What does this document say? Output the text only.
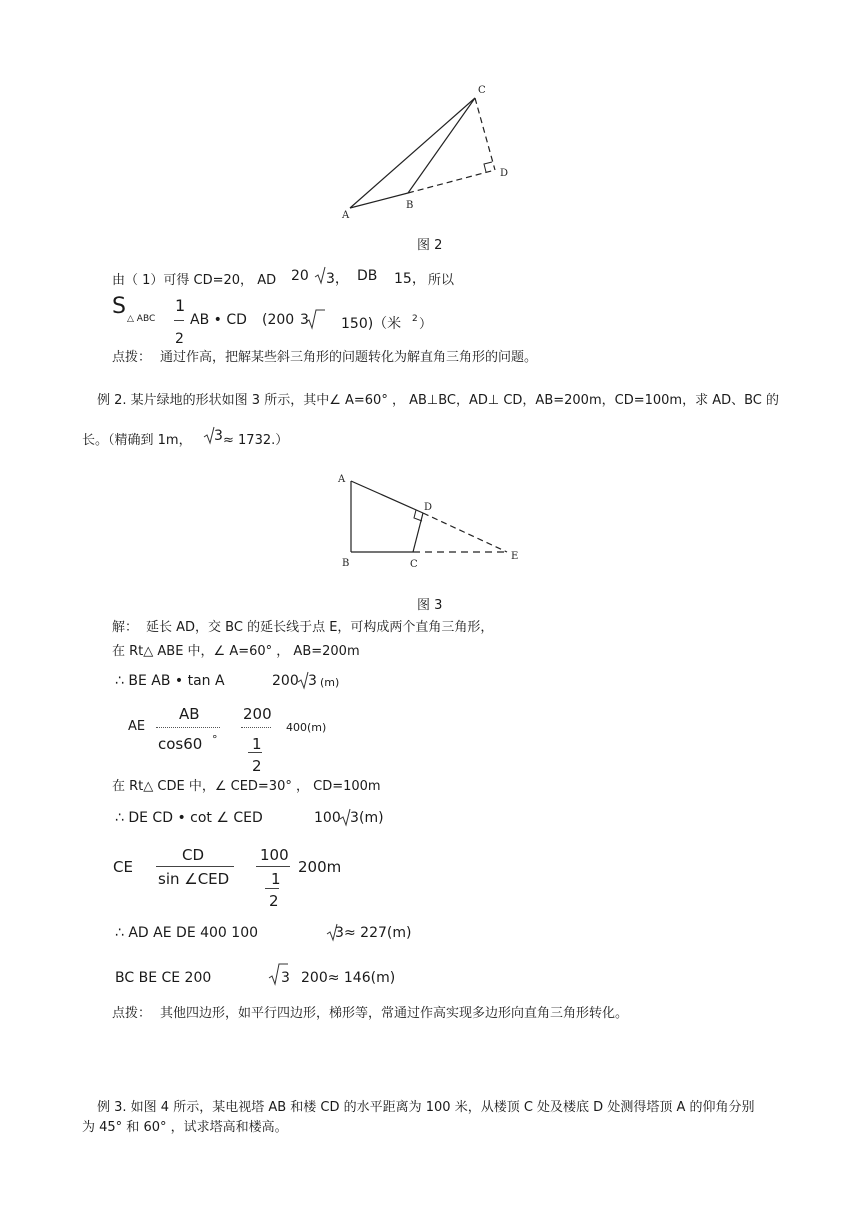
A
B
C
D
图 2
由（ 1）可得 CD=20， AD 20 3， DB 15， 所以
S △ ABC
1
2
AB • CD (200 3 150)（米 2 ）
点拨： 通过作高，把解某些斜三角形的问题转化为解直角三角形的问题。
例 2. 某片绿地的形状如图 3 所示，其中∠ A=60° ， AB⊥BC，AD⊥ CD，AB=200m，CD=100m，求 AD、BC 的
长。（精确到 1m， 3 ≈ 1732.）
A
B	C
D
E
图 3
解： 延长 AD，交 BC 的延长线于点 E，可构成两个直角三角形，
在 Rt△ ABE 中，∠ A=60° ， AB=200m
∴ BE AB • tan A	200 3 (m)
AE
AB
cos60 °
200
1
2
400(m)
在 Rt△ CDE 中，∠ CED=30° ， CD=100m
∴ DE CD • cot ∠ CED	100 3 (m)
CE
CD
sin ∠CED
100
1
2
200m
∴ AD AE DE 400 100	3 ≈ 227(m)
BC BE CE 200	3 200≈ 146(m)
点拨： 其他四边形，如平行四边形，梯形等，常通过作高实现多边形向直角三角形转化。
例 3. 如图 4 所示，某电视塔 AB 和楼 CD 的水平距离为 100 米，从楼顶 C 处及楼底 D 处测得塔顶 A 的仰角分别
为 45° 和 60° ，试求塔高和楼高。
